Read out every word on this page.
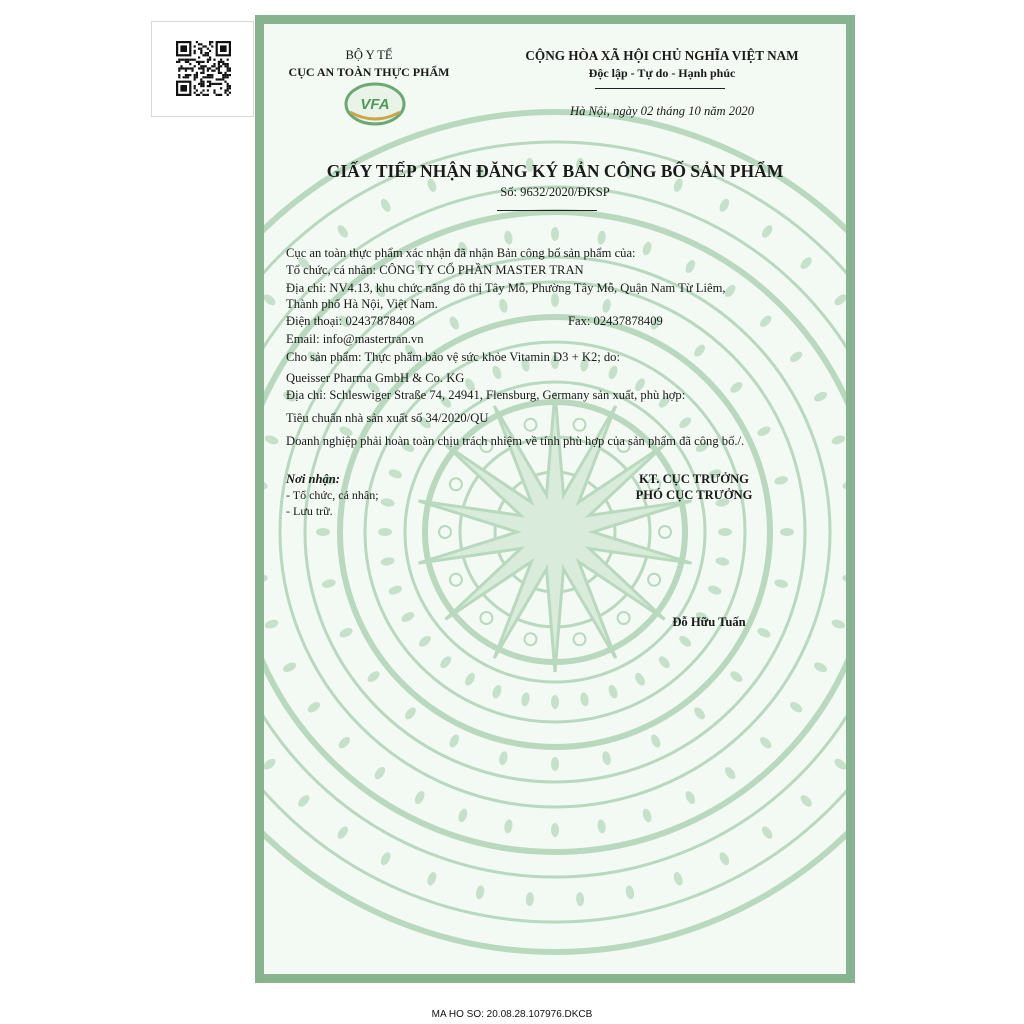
VFA
BỘ Y TẾ
CỤC AN TOÀN THỰC PHẨM
CỘNG HÒA XÃ HỘI CHỦ NGHĨA VIỆT NAM
Độc lập - Tự do - Hạnh phúc
Hà Nội, ngày 02 tháng 10 năm 2020
GIẤY TIẾP NHẬN ĐĂNG KÝ BẢN CÔNG BỐ SẢN PHẨM
Số: 9632/2020/ĐKSP
Cục an toàn thực phẩm xác nhận đã nhận Bản công bố sản phẩm của:
Tổ chức, cá nhân: CÔNG TY CỔ PHẦN MASTER TRAN
Địa chỉ: NV4.13, khu chức năng đô thị Tây Mỗ, Phường Tây Mỗ, Quận Nam Từ Liêm,
Thành phố Hà Nội, Việt Nam.
Điện thoại: 02437878408	Fax: 02437878409
Email: info@mastertran.vn
Cho sản phẩm: Thực phẩm bảo vệ sức khỏe Vitamin D3 + K2; do:
Queisser Pharma GmbH & Co. KG
Địa chỉ: Schleswiger Straße 74, 24941, Flensburg, Germany sản xuất, phù hợp:
Tiêu chuẩn nhà sản xuất số 34/2020/QU
Doanh nghiệp phải hoàn toàn chịu trách nhiệm về tính phù hợp của sản phẩm đã công bố./.
Nơi nhận:
- Tổ chức, cá nhân;
- Lưu trữ.
KT. CỤC TRƯỞNG
PHÓ CỤC TRƯỞNG
Đỗ Hữu Tuấn
MA HO SO: 20.08.28.107976.DKCB
